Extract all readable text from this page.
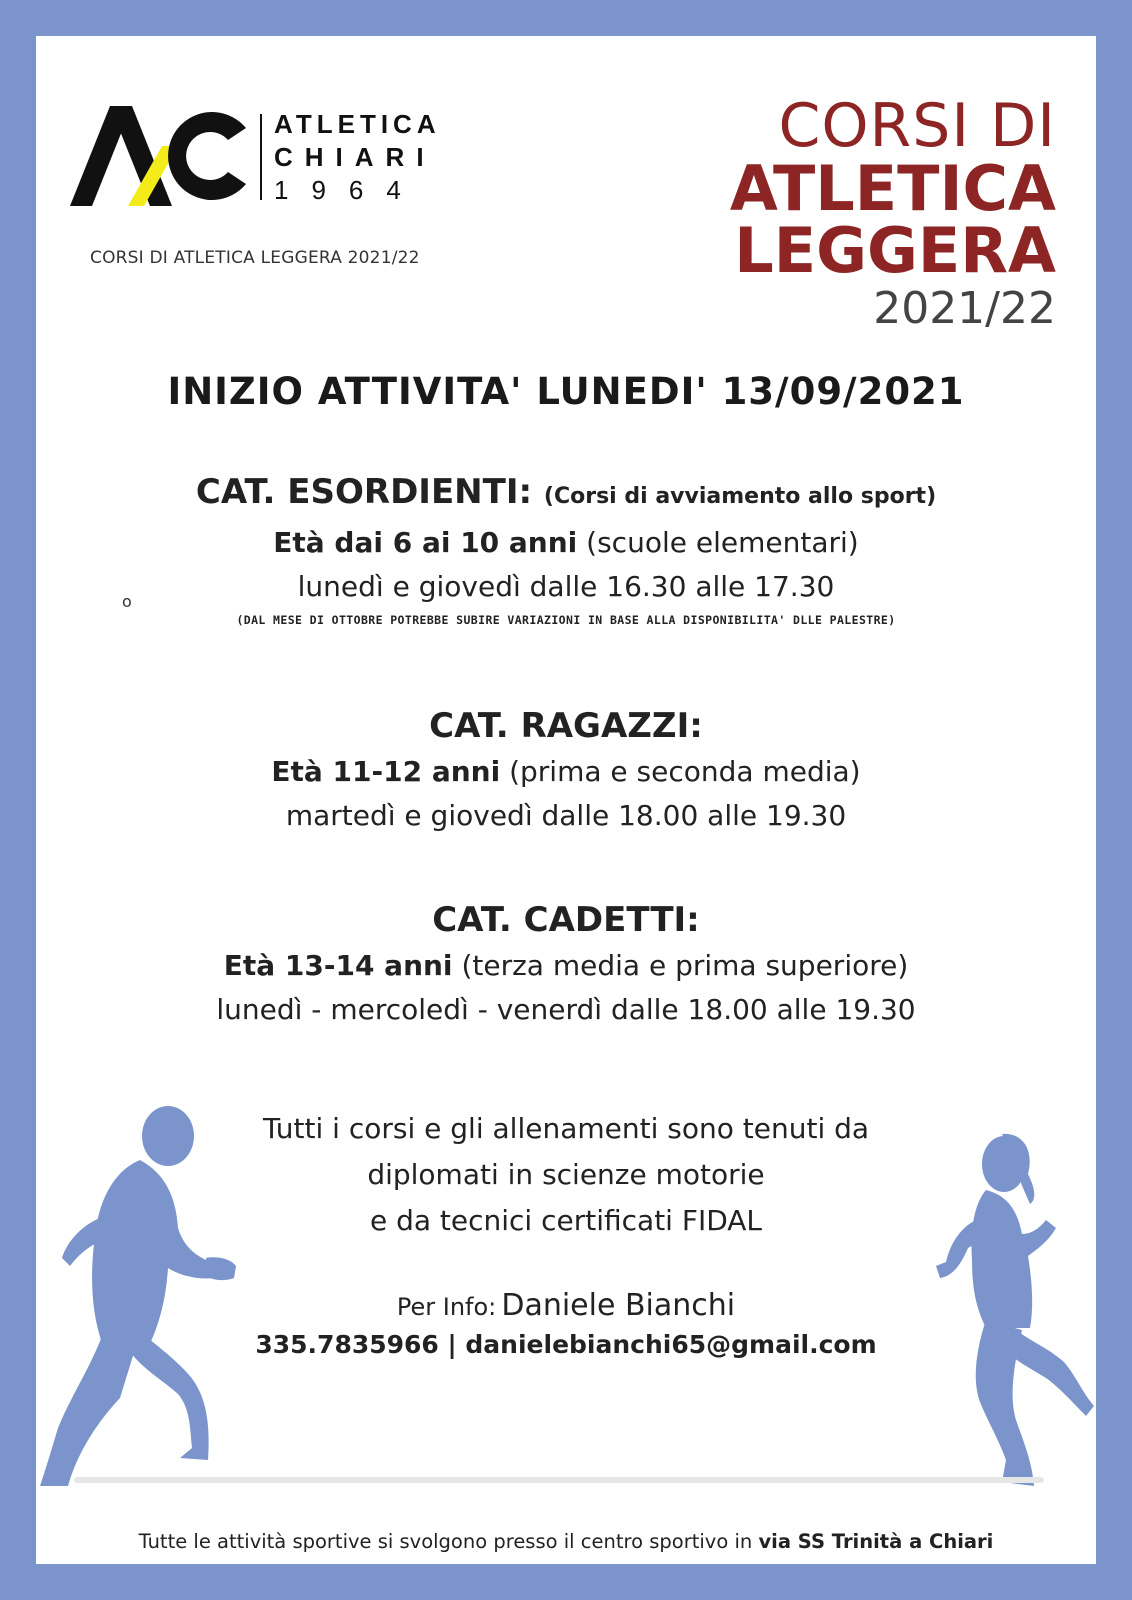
ATLETICA
CHIARI
1964
CORSI DI ATLETICA LEGGERA 2021/22
CORSI DI
ATLETICA
LEGGERA
2021/22
INIZIO ATTIVITA' LUNEDI' 13/09/2021
CAT. ESORDIENTI: (Corsi di avviamento allo sport)
Età dai 6 ai 10 anni (scuole elementari)
lunedì e giovedì dalle 16.30 alle 17.30
(DAL MESE DI OTTOBRE POTREBBE SUBIRE VARIAZIONI IN BASE ALLA DISPONIBILITA' DLLE PALESTRE)
o
CAT. RAGAZZI:
Età 11-12 anni (prima e seconda media)
martedì e giovedì dalle 18.00 alle 19.30
CAT. CADETTI:
Età 13-14 anni (terza media e prima superiore)
lunedì - mercoledì - venerdì dalle 18.00 alle 19.30
Tutti i corsi e gli allenamenti sono tenuti da
diplomati in scienze motorie
e da tecnici certificati FIDAL
Per Info: Daniele Bianchi
335.7835966 | danielebianchi65@gmail.com
Tutte le attività sportive si svolgono presso il centro sportivo in via SS Trinità a Chiari
